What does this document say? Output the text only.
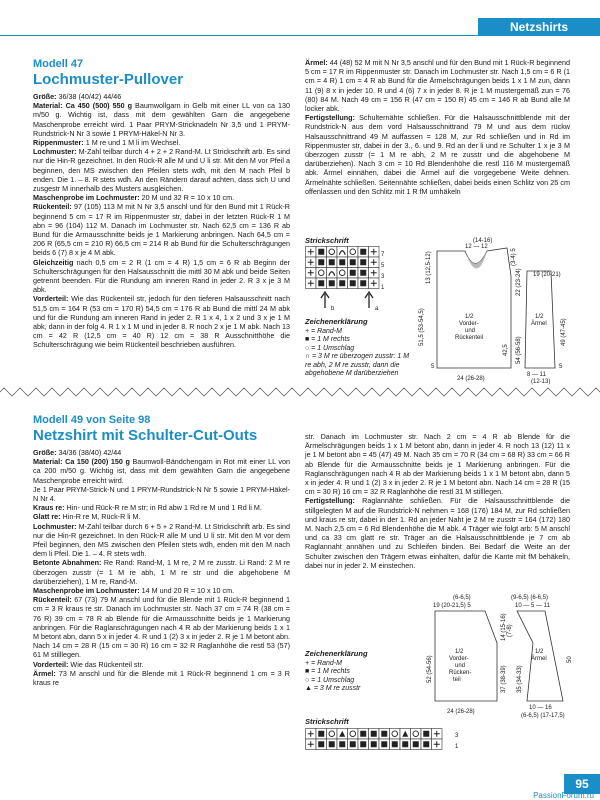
Netzshirts
Modell 47
Lochmuster-Pullover

Größe: 36/38 (40/42) 44/46

Material: Ca 450 (500) 550 g Baumwollgarn in Gelb mit einer LL von ca 130 m/50 g. Wichtig ist, dass mit dem gewählten Garn die angegebene Maschenprobe erreicht wird. 1 Paar PRYM-Stricknadeln Nr 3,5 und 1 PRYM-Rundstrick-N Nr 3 sowie 1 PRYM-Häkel-N Nr 3.

Rippenmuster: 1 M re und 1 M li im Wechsel.

Lochmuster: M-Zahl teilbar durch 4 + 2 + 2 Rand-M. Lt Strickschrift arb. Es sind nur die Hin-R gezeichnet. In den Rück-R alle M und U li str. Mit den M vor Pfeil a beginnen, den MS zwischen den Pfeilen stets wdh, mit den M nach Pfeil b enden. Die 1. – 8. R stets wdh. An den Rändern darauf achten, dass sich U und zusgestr M innerhalb des Musters ausgleichen.

Maschenprobe im Lochmuster: 20 M und 32 R = 10 x 10 cm.

Rückenteil: 97 (105) 113 M mit N Nr 3,5 anschl und für den Bund mit 1 Rück-R beginnend 5 cm = 17 R im Rippenmuster str, dabei in der letzten Rück-R 1 M abn = 96 (104) 112 M. Danach im Lochmuster str. Nach 62,5 cm = 136 R ab Bund für die Armausschnitte beids je 1 Markierung anbringen. Nach 64,5 cm = 206 R (65,5 cm = 210 R) 66,5 cm = 214 R ab Bund für die Schulterschrägungen beids 6 (7) 8 x je 4 M abk.

Gleichzeitig nach 0,5 cm = 2 R (1 cm = 4 R) 1,5 cm = 6 R ab Beginn der Schulterschrägungen für den Halsausschnitt die mittl 30 M abk und beide Seiten getrennt beenden. Für die Rundung am inneren Rand in jeder 2. R 3 x je 3 M abk.

Vorderteil: Wie das Rückenteil str, jedoch für den tieferen Halsausschnitt nach 51,5 cm = 164 R (53 cm = 170 R) 54,5 cm = 176 R ab Bund die mittl 24 M abk und für die Rundung am inneren Rand in jeder 2. R 1 x 4, 1 x 2 und 3 x je 1 M abk, dann in der folg 4. R 1 x 1 M und in jeder 8. R noch 2 x je 1 M abk. Nach 13 cm = 42 R (12,5 cm = 40 R) 12 cm = 38 R Ausschnitthöhe die Schulterschrägung wie beim Rückenteil beschrieben ausführen.

Ärmel: 44 (48) 52 M mit N Nr 3,5 anschl und für den Bund mit 1 Rück-R beginnend 5 cm = 17 R im Rippenmuster str. Danach im Lochmuster str. Nach 1,5 cm = 6 R (1 cm = 4 R) 1 cm = 4 R ab Bund für die Ärmelschrägungen beids 1 x 1 M zun, dann 11 (9) 8 x in jeder 10. R und 4 (6) 7 x in jeder 8. R je 1 M mustergemäß zun = 76 (80) 84 M. Nach 49 cm = 156 R (47 cm = 150 R) 45 cm = 146 R ab Bund alle M locker abk.

Fertigstellung: Schulternähte schließen. Für die Halsausschnittblende mit der Rundstrick-N aus dem vord Halsausschnittrand 79 M und aus dem rückw Halsausschnittrand 49 M auffassen = 128 M, zur Rd schließen und in Rd im Rippenmuster str, dabei in der 3., 6. und 9. Rd an der li und re Schulter 1 x je 3 M überzogen zusstr (= 1 M re abh, 2 M re zusstr und die abgehobene M darüberziehen). Nach 3 cm = 10 Rd Blendenhöhe die restl 116 M mustergemäß abk. Ärmel einnähen, dabei die Ärmel auf die vorgegebene Weite dehnen. Ärmelnähte schließen. Seitennähte schließen, dabei beids einen Schlitz von 25 cm offenlassen und den Schlitz mit 1 R fM umhäkeln

Strickschrift
7
5
3
1
b	a
Zeichenerklärung
+ = Rand-M
■ = 1 M rechts
○ = 1 Umschlag
∩ = 3 M re überzogen zusstr: 1 M re abh, 2 M re zusstr, dann die abgehobene M darüberziehen
(14-16)
12 — 12
1/2
Vorder-
und
Rückenteil
24 (26-28)
19 (20-21)
1/2
Ärmel
8 — 11
(12-13)
51,5 (53-54,5)
13 (12,5-12)	22 (23-24)
54 (56-58)
42,5
(3-4) 5
49 (47-45)
5	5
Modell 49 von Seite 98
Netzshirt mit Schulter-Cut-Outs

Größe: 34/36 (38/40) 42/44

Material: Ca 150 (200) 150 g Baumwoll-Bändchengarn in Rot mit einer LL von ca 200 m/50 g. Wichtig ist, dass mit dem gewählten Garn die angegebene Maschenprobe erreicht wird.

Je 1 Paar PRYM-Strick-N und 1 PRYM-Rundstrick-N Nr 5 sowie 1 PRYM-Häkel-N Nr 4.

Kraus re: Hin- und Rück-R re M str; in Rd abw 1 Rd re M und 1 Rd li M.

Glatt re: Hin-R re M, Rück-R li M.

Lochmuster: M-Zahl teilbar durch 6 + 5 + 2 Rand-M. Lt Strickschrift arb. Es sind nur die Hin-R gezeichnet. In den Rück-R alle M und U li str. Mit den M vor dem Pfeil beginnen, den MS zwischen den Pfeilen stets wdh, enden mit den M nach dem li Pfeil. Die 1. – 4. R stets wdh.

Betonte Abnahmen: Re Rand: Rand-M, 1 M re, 2 M re zusstr. Li Rand: 2 M re überzogen zusstr (= 1 M re abh, 1 M re str und die abgehobene M darüberziehen), 1 M re, Rand-M.

Maschenprobe im Lochmuster: 14 M und 20 R = 10 x 10 cm.

Rückenteil: 67 (73) 79 M anschl und für die Blende mit 1 Rück-R beginnend 1 cm = 3 R kraus re str. Danach im Lochmuster str. Nach 37 cm = 74 R (38 cm = 76 R) 39 cm = 78 R ab Blende für die Armausschnitte beids je 1 Markierung anbringen. Für die Raglanschrägungen nach 4 R ab der Markierung beids 1 x 1 M betont abn, dann 5 x in jeder 4. R und 1 (2) 3 x in jeder 2. R je 1 M betont abn. Nach 14 cm = 28 R (15 cm = 30 R) 16 cm = 32 R Raglanhöhe die restl 53 (57) 61 M stilllegen.

Vorderteil: Wie das Rückenteil str.

Ärmel: 73 M anschl und für die Blende mit 1 Rück-R beginnend 1 cm = 3 R kraus re

str. Danach im Lochmuster str. Nach 2 cm = 4 R ab Blende für die Ärmelschrägungen beids 1 x 1 M betont abn, dann in jeder 4. R noch 13 (12) 11 x je 1 M betont abn = 45 (47) 49 M. Nach 35 cm = 70 R (34 cm = 68 R) 33 cm = 66 R ab Blende für die Armausschnitte beids je 1 Markierung anbringen. Für die Raglanschrägungen nach 4 R ab der Markierung beids 1 x 1 M betont abn, dann 5 x in jeder 4. R und 1 (2) 3 x in jeder 2. R je 1 M betont abn. Nach 14 cm = 28 R (15 cm = 30 R) 16 cm = 32 R Raglanhöhe die restl 31 M stilllegen.

Fertigstellung: Raglannähte schließen. Für die Halsausschnittblende die stillgelegten M auf die Rundstrick-N nehmen = 168 (176) 184 M, zur Rd schließen und kraus re str, dabei in der 1. Rd an jeder Naht je 2 M re zusstr = 164 (172) 180 M. Nach 2,5 cm = 6 Rd Blendenhöhe die M abk. 4 Träger wie folgt arb: 5 M anschl und ca 33 cm glatt re str. Träger an die Halsausschnittblende je 7 cm ab Raglannaht annähen und zu Schleifen binden. Bei Bedarf die Weite an der Schulter zwischen den Trägern etwas einhalten, dafür die Kante mit fM behäkeln, dabei nur in jeder 2. M einstechen.

Zeichenerklärung
+ = Rand-M
■ = 1 M rechts
○ = 1 Umschlag
▲ = 3 M re zusstr
Strickschrift
3
1
(6-6,5)
19 (20-21,5) 5
1/2
Vorder-
und
Rücken-
teil
24 (26-28)
(9-6,5) (6-6,5)
10 — 5 — 11
1/2
Ärmel
10 — 16
(6-6,5) (17-17,5)
52 (54-56)	37 (38-39)
14 (15-16) (7-8)
35 (34-33)
50
95
PassionForum.ru
